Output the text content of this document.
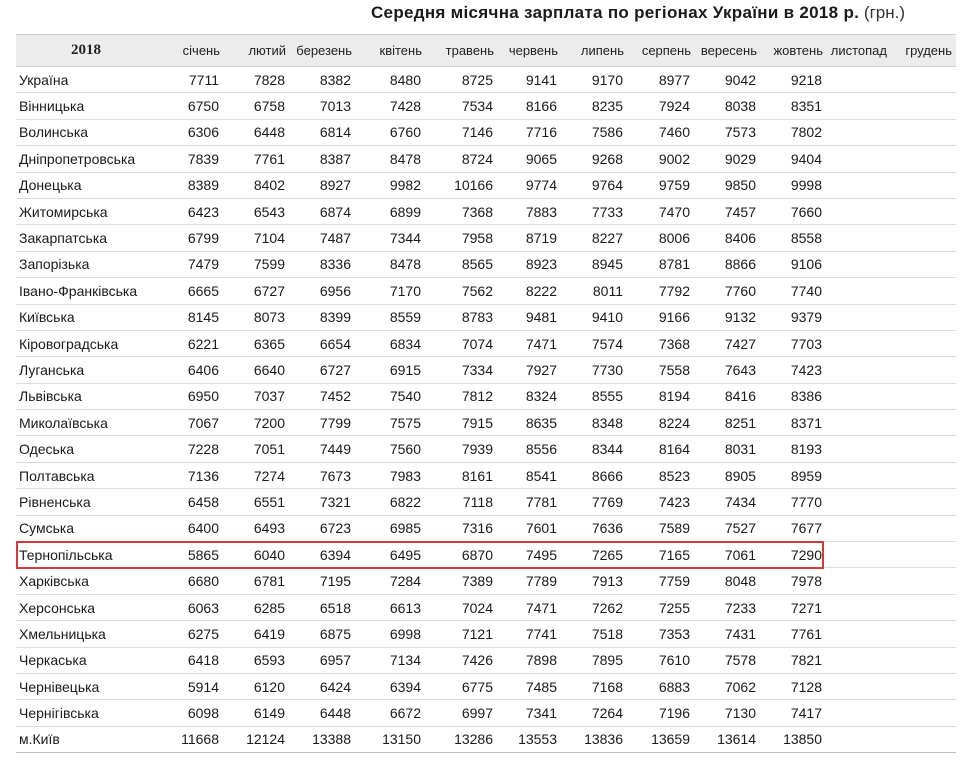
Середня місячна зарплата по регіонах України в 2018 р. (грн.)
2018	січень	лютий	березень	квітень	травень	червень	липень	серпень	вересень	жовтень	листопад	грудень
Україна	7711	7828	8382	8480	8725	9141	9170	8977	9042	9218		
Вінницька	6750	6758	7013	7428	7534	8166	8235	7924	8038	8351		
Волинська	6306	6448	6814	6760	7146	7716	7586	7460	7573	7802		
Дніпропетровська	7839	7761	8387	8478	8724	9065	9268	9002	9029	9404		
Донецька	8389	8402	8927	9982	10166	9774	9764	9759	9850	9998		
Житомирська	6423	6543	6874	6899	7368	7883	7733	7470	7457	7660		
Закарпатська	6799	7104	7487	7344	7958	8719	8227	8006	8406	8558		
Запорізька	7479	7599	8336	8478	8565	8923	8945	8781	8866	9106		
Івано-Франківська	6665	6727	6956	7170	7562	8222	8011	7792	7760	7740		
Київська	8145	8073	8399	8559	8783	9481	9410	9166	9132	9379		
Кіровоградська	6221	6365	6654	6834	7074	7471	7574	7368	7427	7703		
Луганська	6406	6640	6727	6915	7334	7927	7730	7558	7643	7423		
Львівська	6950	7037	7452	7540	7812	8324	8555	8194	8416	8386		
Миколаївська	7067	7200	7799	7575	7915	8635	8348	8224	8251	8371		
Одеська	7228	7051	7449	7560	7939	8556	8344	8164	8031	8193		
Полтавська	7136	7274	7673	7983	8161	8541	8666	8523	8905	8959		
Рівненська	6458	6551	7321	6822	7118	7781	7769	7423	7434	7770		
Сумська	6400	6493	6723	6985	7316	7601	7636	7589	7527	7677		
Тернопільська	5865	6040	6394	6495	6870	7495	7265	7165	7061	7290		
Харківська	6680	6781	7195	7284	7389	7789	7913	7759	8048	7978		
Херсонська	6063	6285	6518	6613	7024	7471	7262	7255	7233	7271		
Хмельницька	6275	6419	6875	6998	7121	7741	7518	7353	7431	7761		
Черкаська	6418	6593	6957	7134	7426	7898	7895	7610	7578	7821		
Чернівецька	5914	6120	6424	6394	6775	7485	7168	6883	7062	7128		
Чернігівська	6098	6149	6448	6672	6997	7341	7264	7196	7130	7417		
м.Київ	11668	12124	13388	13150	13286	13553	13836	13659	13614	13850		
